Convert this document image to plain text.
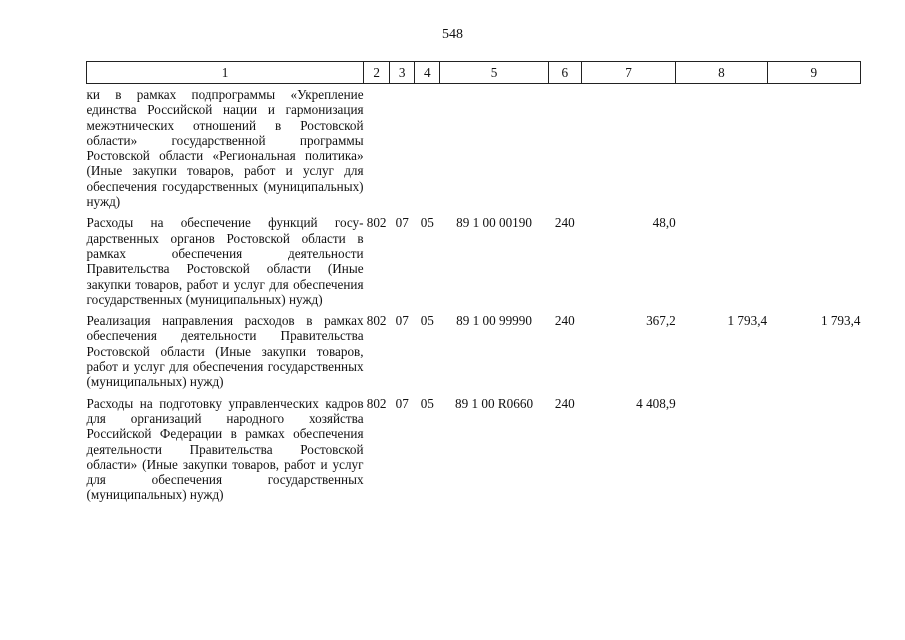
548
1	2	3	4	5	6	7	8	9
ки в рамках подпрограммы «Укрепление единства Российской нации и гармонизация межэтнических отношений в Ростовской области» государственной программы Ростовской области «Региональная политика» (Иные закупки товаров, работ и услуг для обеспечения государственных (муниципальных) нужд)								
Расходы на обеспечение функций государственных органов Ростовской области в рамках обеспечения деятельности Правительства Ростовской области (Иные закупки товаров, работ и услуг для обеспечения государственных (муниципальных) нужд)	802	07	05	89 1 00 00190	240	48,0		
Реализация направления расходов в рамках обеспечения деятельности Правительства Ростовской области (Иные закупки товаров, работ и услуг для обеспечения государственных (муниципальных) нужд)	802	07	05	89 1 00 99990	240	367,2	1 793,4	1 793,4
Расходы на подготовку управленческих кадров для организаций народного хозяйства Российской Федерации в рамках обеспечения деятельности Правительства Ростовской области» (Иные закупки товаров, работ и услуг для обеспечения государственных (муниципальных) нужд)	802	07	05	89 1 00 R0660	240	4 408,9		
